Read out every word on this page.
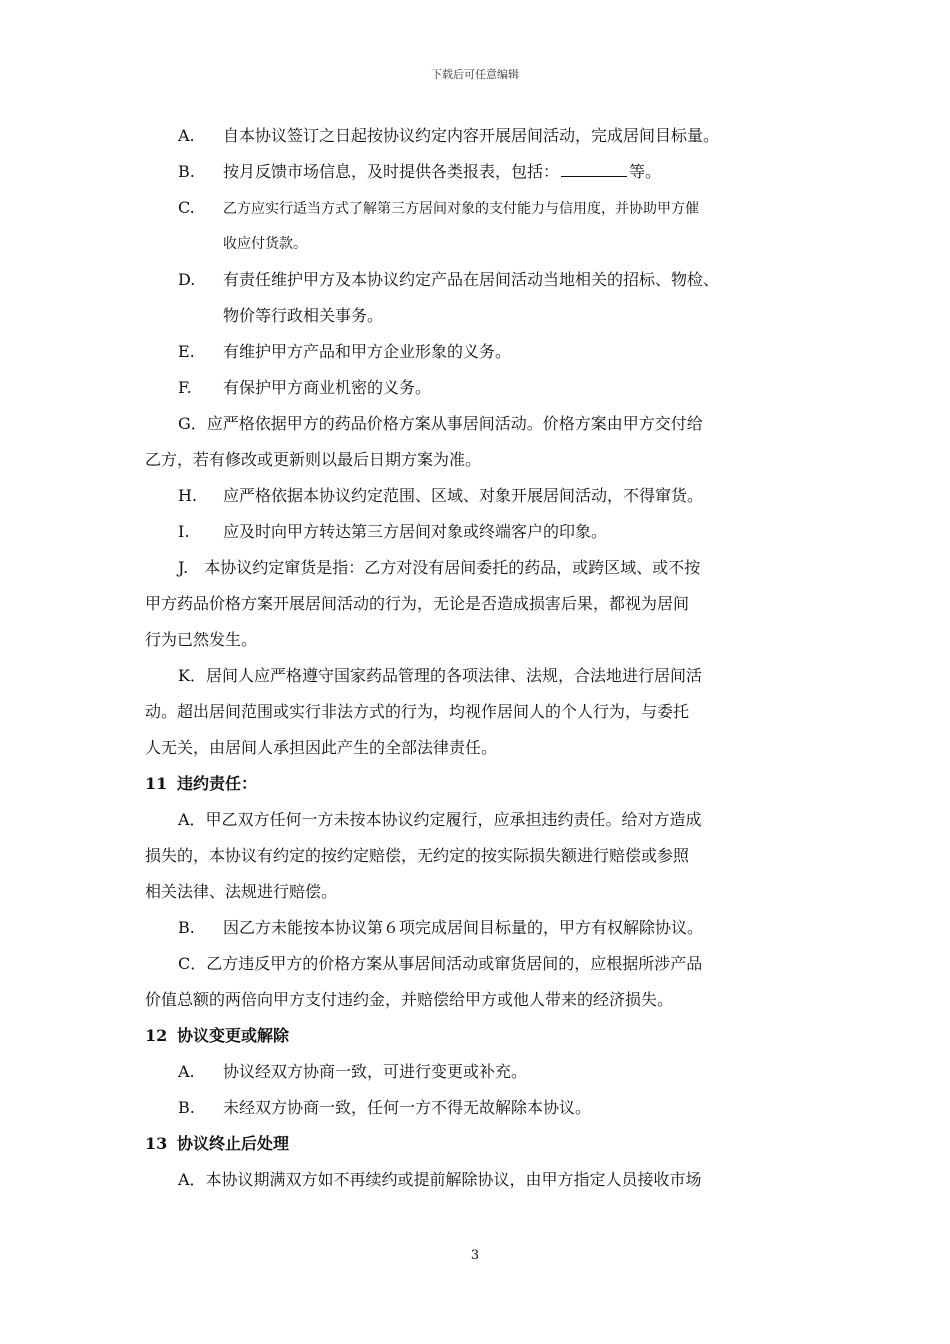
下载后可任意编辑
A. 自本协议签订之日起按协议约定内容开展居间活动，完成居间目标量。
B. 按月反馈市场信息，及时提供各类报表，包括：	等。
C. 乙方应实行适当方式了解第三方居间对象的支付能力与信用度，并协助甲方催
收应付货款。
D. 有责任维护甲方及本协议约定产品在居间活动当地相关的招标、物检、
物价等行政相关事务。
E. 有维护甲方产品和甲方企业形象的义务。
F. 有保护甲方商业机密的义务。
G．应严格依据甲方的药品价格方案从事居间活动。价格方案由甲方交付给
乙方，若有修改或更新则以最后日期方案为准。
H. 应严格依据本协议约定范围、区域、对象开展居间活动，不得窜货。
I. 应及时向甲方转达第三方居间对象或终端客户的印象。
J.　本协议约定窜货是指：乙方对没有居间委托的药品，或跨区域、或不按
甲方药品价格方案开展居间活动的行为，无论是否造成损害后果，都视为居间
行为已然发生。
K．居间人应严格遵守国家药品管理的各项法律、法规，合法地进行居间活
动。超出居间范围或实行非法方式的行为，均视作居间人的个人行为，与委托
人无关，由居间人承担因此产生的全部法律责任。
11 违约责任：
A．甲乙双方任何一方未按本协议约定履行，应承担违约责任。给对方造成
损失的，本协议有约定的按约定赔偿，无约定的按实际损失额进行赔偿或参照
相关法律、法规进行赔偿。
B. 因乙方未能按本协议第６项完成居间目标量的，甲方有权解除协议。
C．乙方违反甲方的价格方案从事居间活动或窜货居间的，应根据所涉产品
价值总额的两倍向甲方支付违约金，并赔偿给甲方或他人带来的经济损失。
12 协议变更或解除
A. 协议经双方协商一致，可进行变更或补充。
B. 未经双方协商一致，任何一方不得无故解除本协议。
13 协议终止后处理
A．本协议期满双方如不再续约或提前解除协议，由甲方指定人员接收市场
3
